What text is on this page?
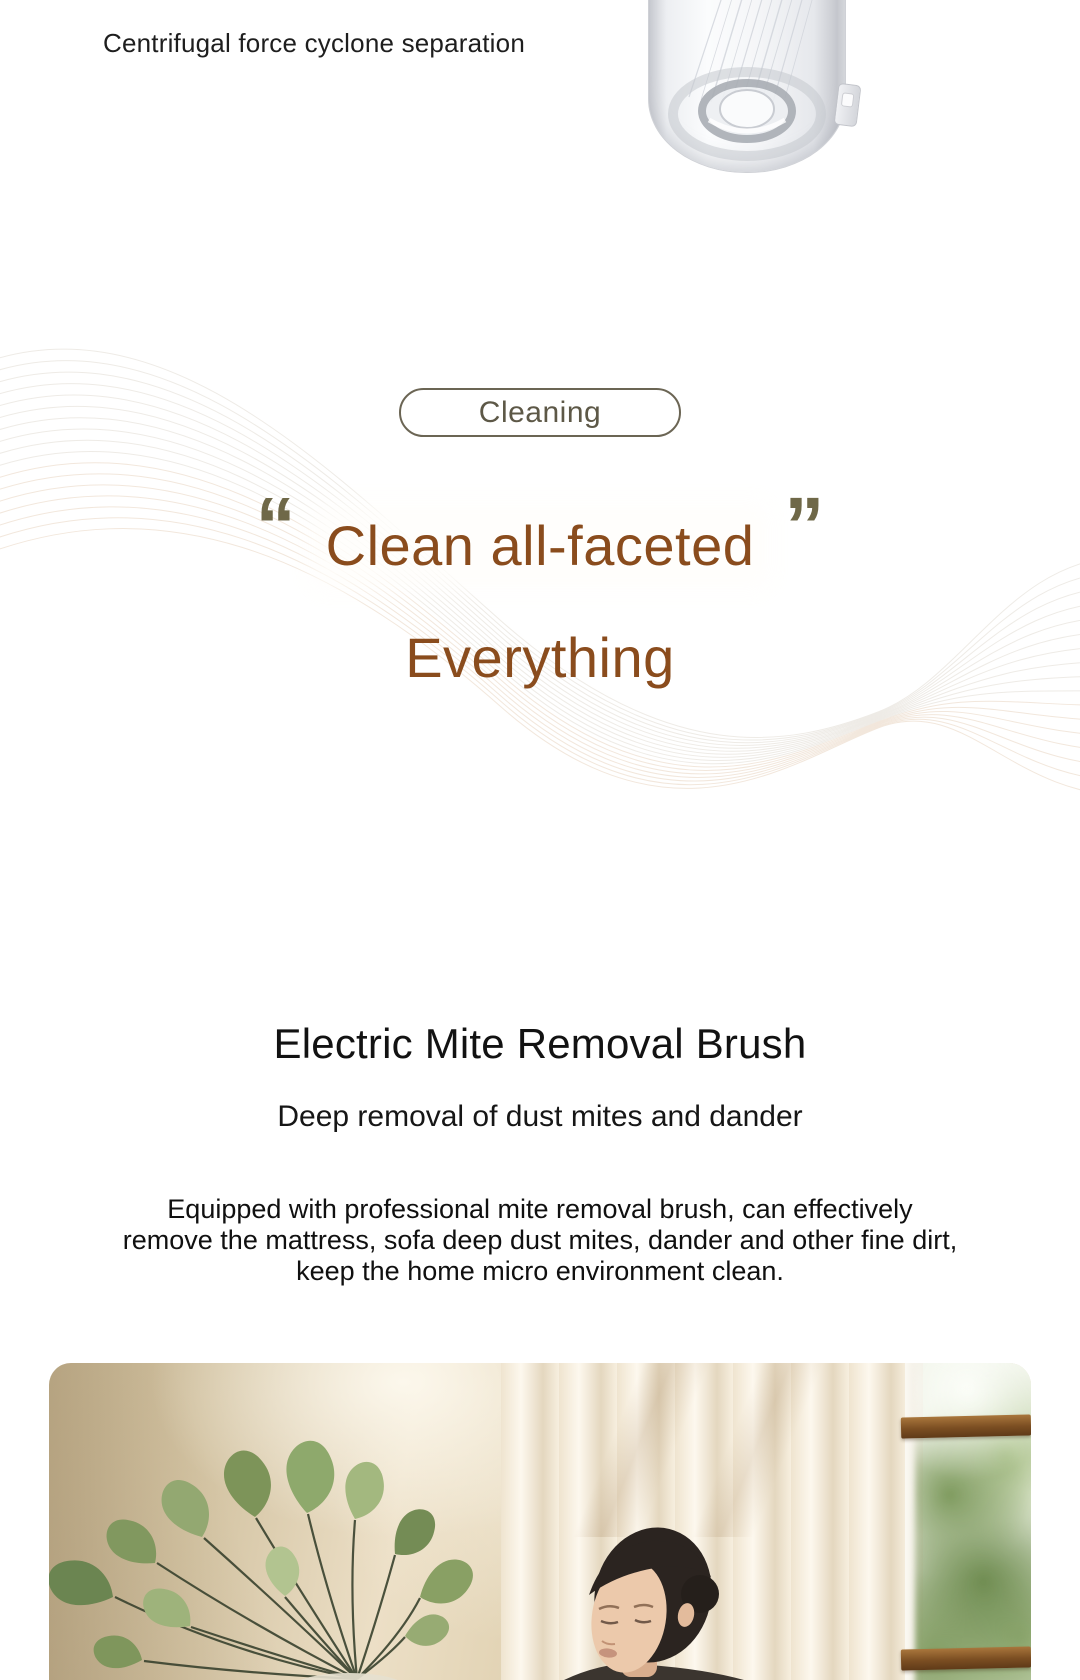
Centrifugal force cyclone separation
Cleaning
“ Clean all-faceted ”
Everything
Electric Mite Removal Brush
Deep removal of dust mites and dander
Equipped with professional mite removal brush, can effectively
remove the mattress, sofa deep dust mites, dander and other fine dirt,
keep the home micro environment clean.
